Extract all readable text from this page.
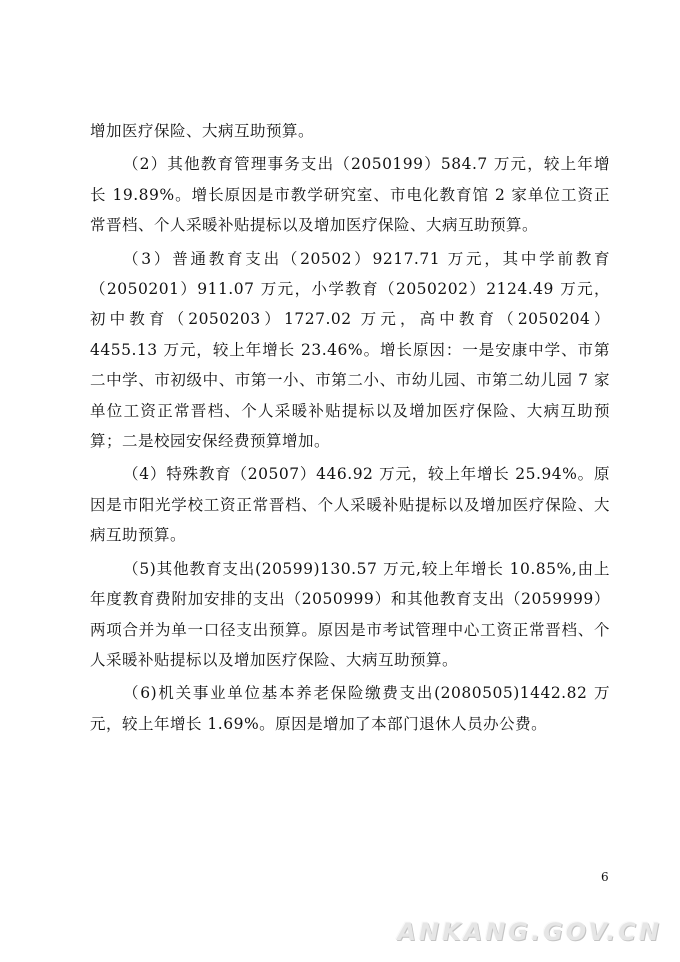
增加医疗保险、大病互助预算。

（2）其他教育管理事务支出（2050199）584.7 万元，较上年增长 19.89%。增长原因是市教学研究室、市电化教育馆 2 家单位工资正常晋档、个人采暖补贴提标以及增加医疗保险、大病互助预算。

（3）普通教育支出（20502）9217.71 万元，其中学前教育（2050201）911.07 万元，小学教育（2050202）2124.49 万元，初中教育（2050203）1727.02 万元，高中教育（2050204）4455.13 万元，较上年增长 23.46%。增长原因：一是安康中学、市第二中学、市初级中、市第一小、市第二小、市幼儿园、市第二幼儿园 7 家单位工资正常晋档、个人采暖补贴提标以及增加医疗保险、大病互助预算；二是校园安保经费预算增加。

（4）特殊教育（20507）446.92 万元，较上年增长 25.94%。原因是市阳光学校工资正常晋档、个人采暖补贴提标以及增加医疗保险、大病互助预算。

（5)其他教育支出(20599)130.57 万元,较上年增长 10.85%,由上年度教育费附加安排的支出（2050999）和其他教育支出（2059999）两项合并为单一口径支出预算。原因是市考试管理中心工资正常晋档、个人采暖补贴提标以及增加医疗保险、大病互助预算。

（6)机关事业单位基本养老保险缴费支出(2080505)1442.82 万元，较上年增长 1.69%。原因是增加了本部门退休人员办公费。

6
ANKANG.GOV.CN
